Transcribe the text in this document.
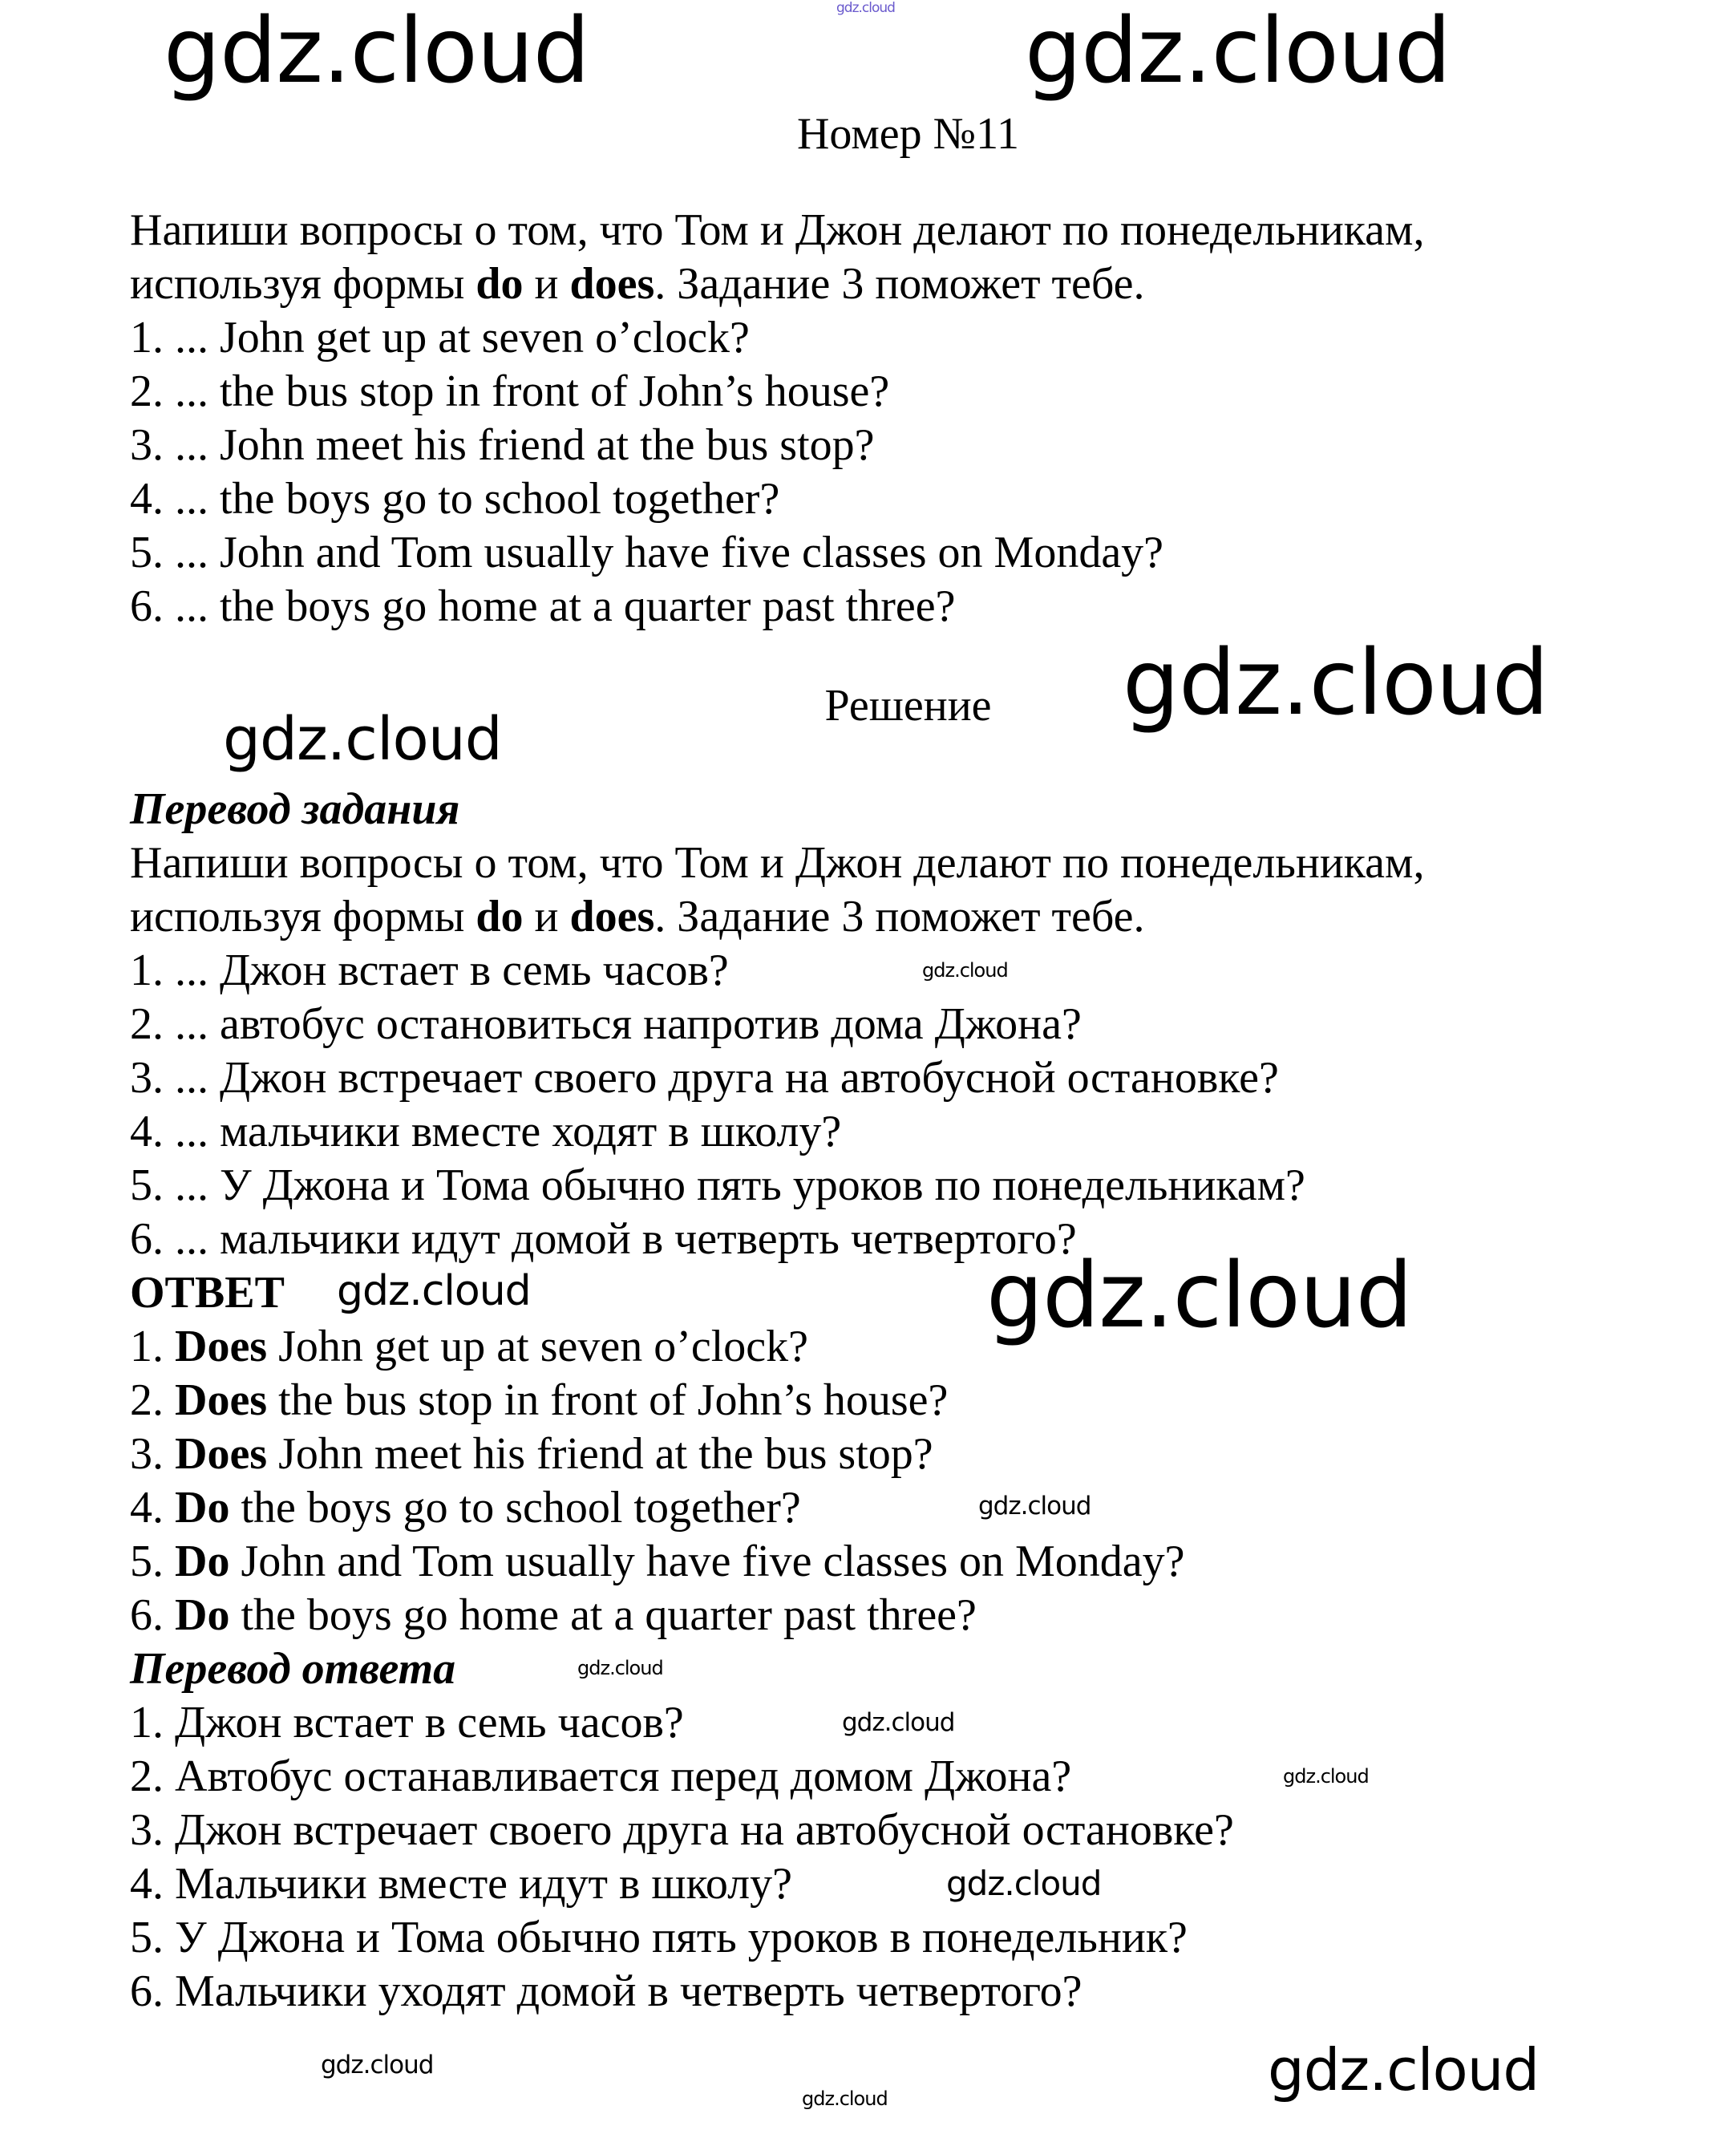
Номер №11
Напиши вопросы о том, что Том и Джон делают по понедельникам,
используя формы do и does. Задание 3 поможет тебе.
1. ... John get up at seven o’clock?
2. ... the bus stop in front of John’s house?
3. ... John meet his friend at the bus stop?
4. ... the boys go to school together?
5. ... John and Tom usually have five classes on Monday?
6. ... the boys go home at a quarter past three?
Решение
Перевод задания
Напиши вопросы о том, что Том и Джон делают по понедельникам,
используя формы do и does. Задание 3 поможет тебе.
1. ... Джон встает в семь часов?
2. ... автобус остановиться напротив дома Джона?
3. ... Джон встречает своего друга на автобусной остановке?
4. ... мальчики вместе ходят в школу?
5. ... У Джона и Тома обычно пять уроков по понедельникам?
6. ... мальчики идут домой в четверть четвертого?
ОТВЕТ
1. Does John get up at seven o’clock?
2. Does the bus stop in front of John’s house?
3. Does John meet his friend at the bus stop?
4. Do the boys go to school together?
5. Do John and Tom usually have five classes on Monday?
6. Do the boys go home at a quarter past three?
Перевод ответа
1. Джон встает в семь часов?
2. Автобус останавливается перед домом Джона?
3. Джон встречает своего друга на автобусной остановке?
4. Мальчики вместе идут в школу?
5. У Джона и Тома обычно пять уроков в понедельник?
6. Мальчики уходят домой в четверть четвертого?
gdz.cloud
gdz.cloud	gdz.cloud
gdz.cloud
gdz.cloud
gdz.cloud
gdz.cloud	gdz.cloud
gdz.cloud
gdz.cloud
gdz.cloud
gdz.cloud
gdz.cloud
gdz.cloud
gdz.cloud
gdz.cloud
